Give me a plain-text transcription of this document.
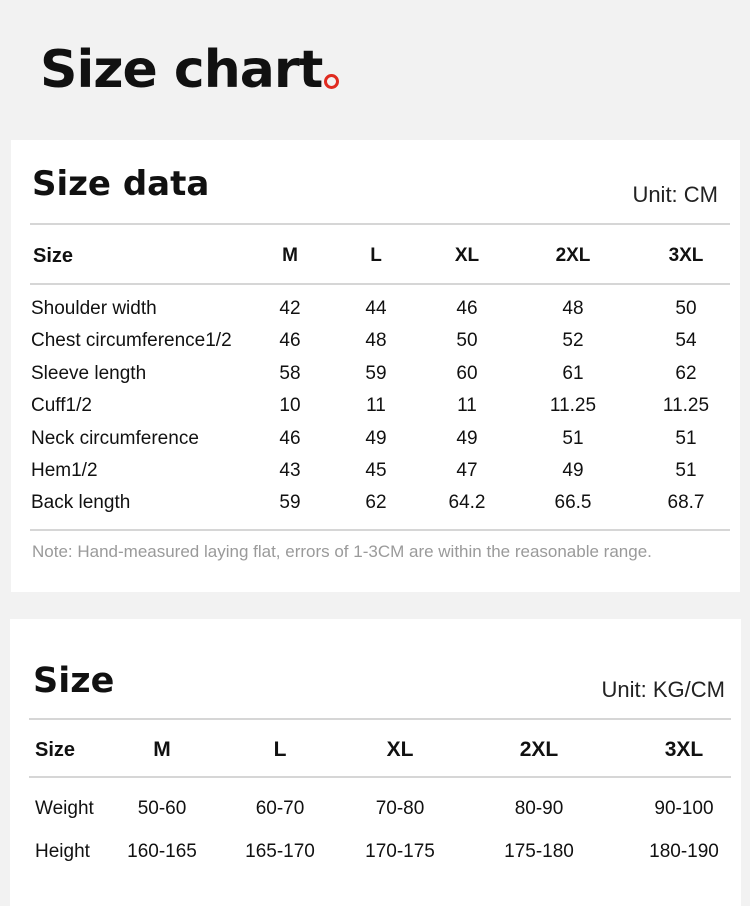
Size chart
Size data	Unit: CM
Size	M	L	XL	2XL	3XL
Shoulder width	42	44	46	48	50
Chest circumference1/2	46	48	50	52	54
Sleeve length	58	59	60	61	62
Cuff1/2	10	11	11	11.25	11.25
Neck circumference	46	49	49	51	51
Hem1/2	43	45	47	49	51
Back length	59	62	64.2	66.5	68.7
Note: Hand-measured laying flat, errors of 1-3CM are within the reasonable range.
Size	Unit: KG/CM
Size	M	L	XL	2XL	3XL
Weight	50-60	60-70	70-80	80-90	90-100
Height	160-165	165-170	170-175	175-180	180-190
